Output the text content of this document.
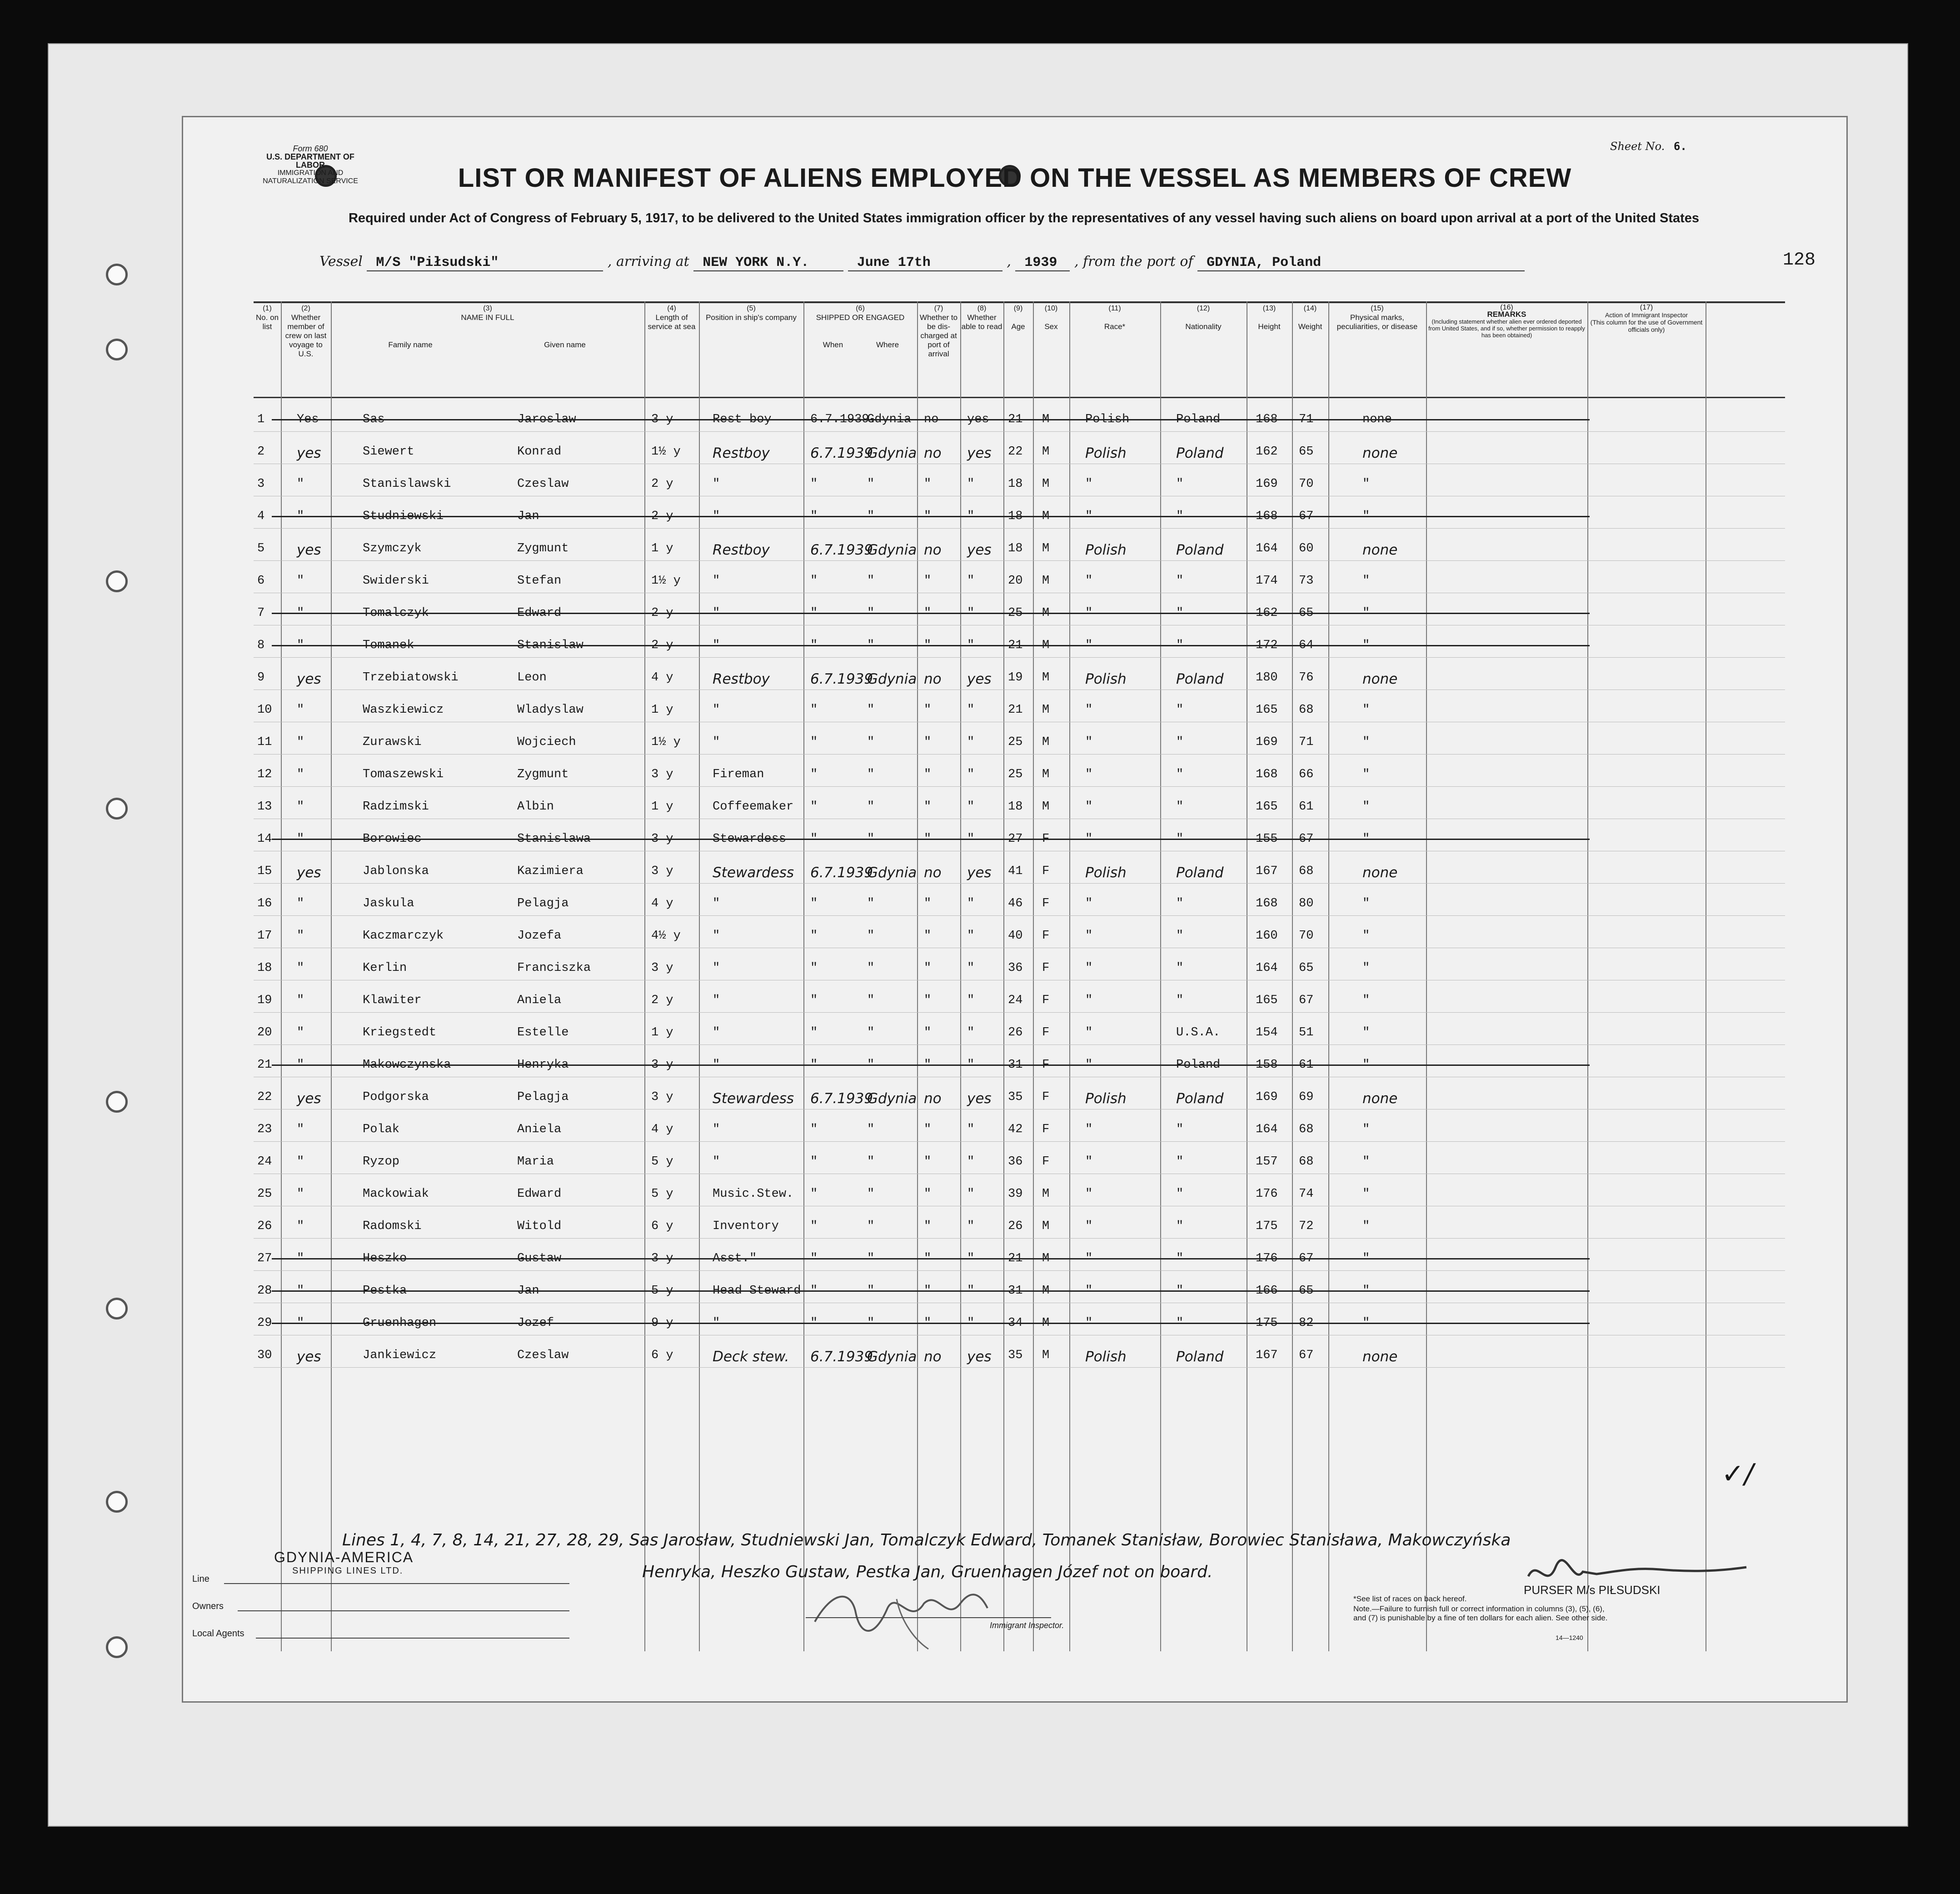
Form 680
U.S. DEPARTMENT OF LABOR
IMMIGRATION AND NATURALIZATION SERVICE
Sheet No. 6.
LIST OR MANIFEST OF ALIENS EMPLOYED ON THE VESSEL AS MEMBERS OF CREW
Required under Act of Congress of February 5, 1917, to be delivered to the United States immigration officer by the representatives of any vessel having such aliens on board upon arrival at a port of the United States
128
Vessel M/S "Piłsudski"	, arriving at NEW YORK N.Y.	June 17th	, 1939 , from the port of GDYNIA, Poland
(1)
No. on list
(2)
Whether member of crew on last voyage to U.S.
(3)
NAME IN FULL

Family name	Given name
(4)
Length of service at sea
(5)
Position in ship's company
(6)
SHIPPED OR ENGAGED

When	Where
(7)
Whether to be dis-charged at port of arrival
(8)
Whether able to read
(9)

Age
(10)

Sex
(11)

Race*
(12)

Nationality
(13)

Height
(14)

Weight
(15)
Physical marks, peculiarities, or disease
(16)
REMARKS
(Including statement whether alien ever ordered deported from United States, and if so, whether permission to reapply has been obtained)
(17)
Action of Immigrant Inspector
(This column for the use of Government officials only)
1	Yes	Sas	Jaroslaw	3 y	Rest boy	6.7.1939.
Gdynia no yes 21 M	Polish	Poland	168 71	none
2 yes	Siewert	Konrad	1½ y Restboy	6.7.1939
Gdynia no yes 22 M	Polish	Poland	162 65	none
3	"	Stanislawski	Czeslaw	2 y	"	"	"	"	"	18 M	"	"	169 70	"
4	"	Studniewski	Jan	2 y	"	"	"	"	"	18 M	"	"	168 67	"
5 yes	Szymczyk	Zygmunt	1 y	Restboy	6.7.1939
Gdynia no yes 18 M	Polish	Poland	164 60	none
6	"	Swiderski	Stefan	1½ y	"	"	"	"	"	20 M	"	"	174 73	"
7	"	Tomalczyk	Edward	2 y	"	"	"	"	"	25 M	"	"	162 65	"
8	"	Tomanek	Stanislaw	2 y	"	"	"	"	"	21 M	"	"	172 64	"
9 yes	Trzebiatowski	Leon	4 y	Restboy	6.7.1939
Gdynia no yes 19 M	Polish	Poland	180 76	none
10 "	Waszkiewicz	Wladyslaw	1 y	"	"	"	"	"	21 M	"	"	165 68	"
11 "	Zurawski	Wojciech	1½ y	"	"	"	"	"	25 M	"	"	169 71	"
12 "	Tomaszewski	Zygmunt	3 y	Fireman	"	"	"	"	25 M	"	"	168 66	"
13 "	Radzimski	Albin	1 y	Coffeemaker "	"	"	"	18 M	"	"	165 61	"
14 "	Borowiec	Stanislawa	3 y	Stewardess "	"	"	"	27 F	"	"	155 67	"
15 yes	Jablonska	Kazimiera	3 y	Stewardess 6.7.1939
Gdynia no yes 41 F	Polish	Poland	167 68	none
16 "	Jaskula	Pelagja	4 y	"	"	"	"	"	46 F	"	"	168 80	"
17 "	Kaczmarczyk	Jozefa	4½ y	"	"	"	"	"	40 F	"	"	160 70	"
18 "	Kerlin	Franciszka	3 y	"	"	"	"	"	36 F	"	"	164 65	"
19 "	Klawiter	Aniela	2 y	"	"	"	"	"	24 F	"	"	165 67	"
20 "	Kriegstedt	Estelle	1 y	"	"	"	"	"	26 F	"	U.S.A.	154 51	"
21 "	Makowczynska	Henryka	3 y	"	"	"	"	"	31 F	"	Poland	158 61	"
22 yes	Podgorska	Pelagja	3 y	Stewardess 6.7.1939
Gdynia no yes 35 F	Polish	Poland	169 69	none
23 "	Polak	Aniela	4 y	"	"	"	"	"	42 F	"	"	164 68	"
24 "	Ryzop	Maria	5 y	"	"	"	"	"	36 F	"	"	157 68	"
25 "	Mackowiak	Edward	5 y	Music.Stew. "	"	"	"	39 M	"	"	176 74	"
26 "	Radomski	Witold	6 y	Inventory	"	"	"	"	26 M	"	"	175 72	"
27 "	Heszko	Gustaw	3 y	Asst."	"	"	"	"	21 M	"	"	176 67	"
28 "	Pestka	Jan	5 y	Head Steward "	"	"	"	31 M	"	"	166 65	"
29 "	Gruenhagen	Jozef	9 y	"	"	"	"	"	34 M	"	"	175 82	"
30 yes	Jankiewicz	Czeslaw	6 y	Deck stew. 6.7.1939
Gdynia no yes 35 M	Polish	Poland	167 67	none
Lines 1, 4, 7, 8, 14, 21, 27, 28, 29, Sas Jarosław, Studniewski Jan, Tomalczyk Edward, Tomanek Stanisław, Borowiec Stanisława, Makowczyńska
Henryka, Heszko Gustaw, Pestka Jan, Gruenhagen Józef not on board.
✓/
GDYNIA-AMERICA
SHIPPING LINES LTD.
Line
Owners
Local Agents
Immigrant Inspector.
*See list of races on back hereof.
Note.—Failure to furnish full or correct information in columns (3), (5), (6), and (7) is punishable by a fine of ten dollars for each alien. See other side.
14—1240
PURSER M/s PIŁSUDSKI
